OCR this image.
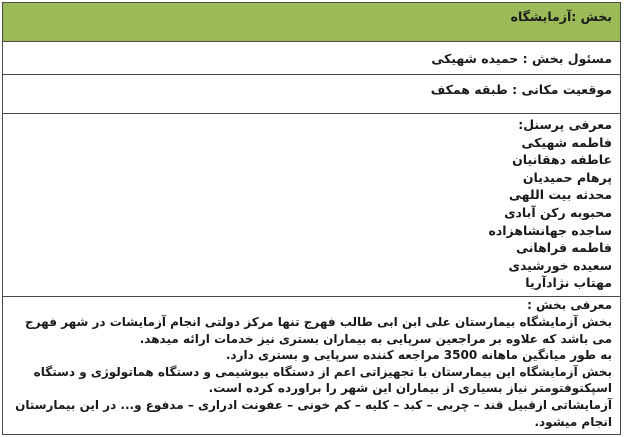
بخش :آزمایشگاه
مسئول بخش : حمیده شهیکی
موقعیت مکانی : طبقه همکف
معرفی پرسنل:
فاطمه شهیکی
عاطفه دهقانیان
پرهام حمیدیان
محدثه بیت اللهی
محبوبه رکن آبادی
ساجده جهانشاهزاده
فاطمه فراهانی
سعیده خورشیدی
مهتاب نژادآریا
معرفی بخش :
بخش آزمایشگاه بیمارستان علی ابن ابی طالب فهرج تنها مرکز دولتی انجام آزمایشات در شهر فهرج می باشد که علاوه بر مراجعین سرپایی به بیماران بستری نیز خدمات ارائه میدهد.
به طور میانگین ماهانه 3500 مراجعه کننده سرپایی و بستری دارد.
بخش آزمایشگاه این بیمارستان با تجهیزاتی اعم از دستگاه بیوشیمی و دستگاه هماتولوژی و دستگاه اسپکتوفتومتر نیاز بسیاری از بیماران این شهر را براورده کرده است.
آزمایشاتی ازقبیل قند – چربی – کبد – کلیه – کم خونی – عفونت ادراری – مدفوع و... در این بیمارستان انجام میشود.
